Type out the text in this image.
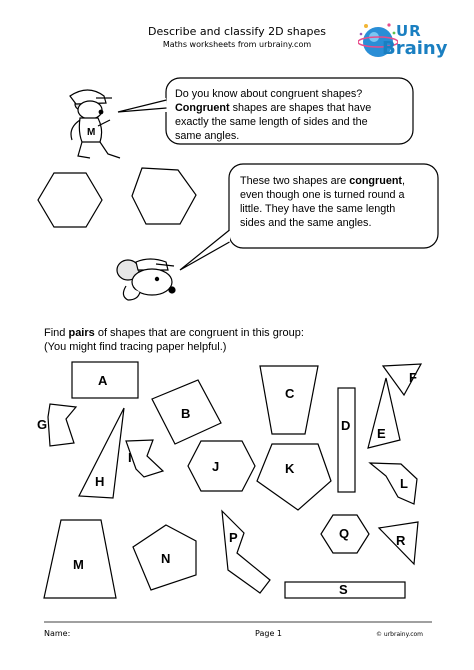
Describe and classify 2D shapes
Maths worksheets from urbrainy.com
UR
Brainy
M
A
B
C
D
E
F
G
H
I
J	K
L
M	N
P	Q	R
S
Do you know about congruent shapes?
Congruent shapes are shapes that have
exactly the same length of sides and the
same angles.
These two shapes are congruent,
even though one is turned round a
little. They have the same length
sides and the same angles.
Find pairs of shapes that are congruent in this group:
(You might find tracing paper helpful.)
Name:	Page 1	© urbrainy.com
